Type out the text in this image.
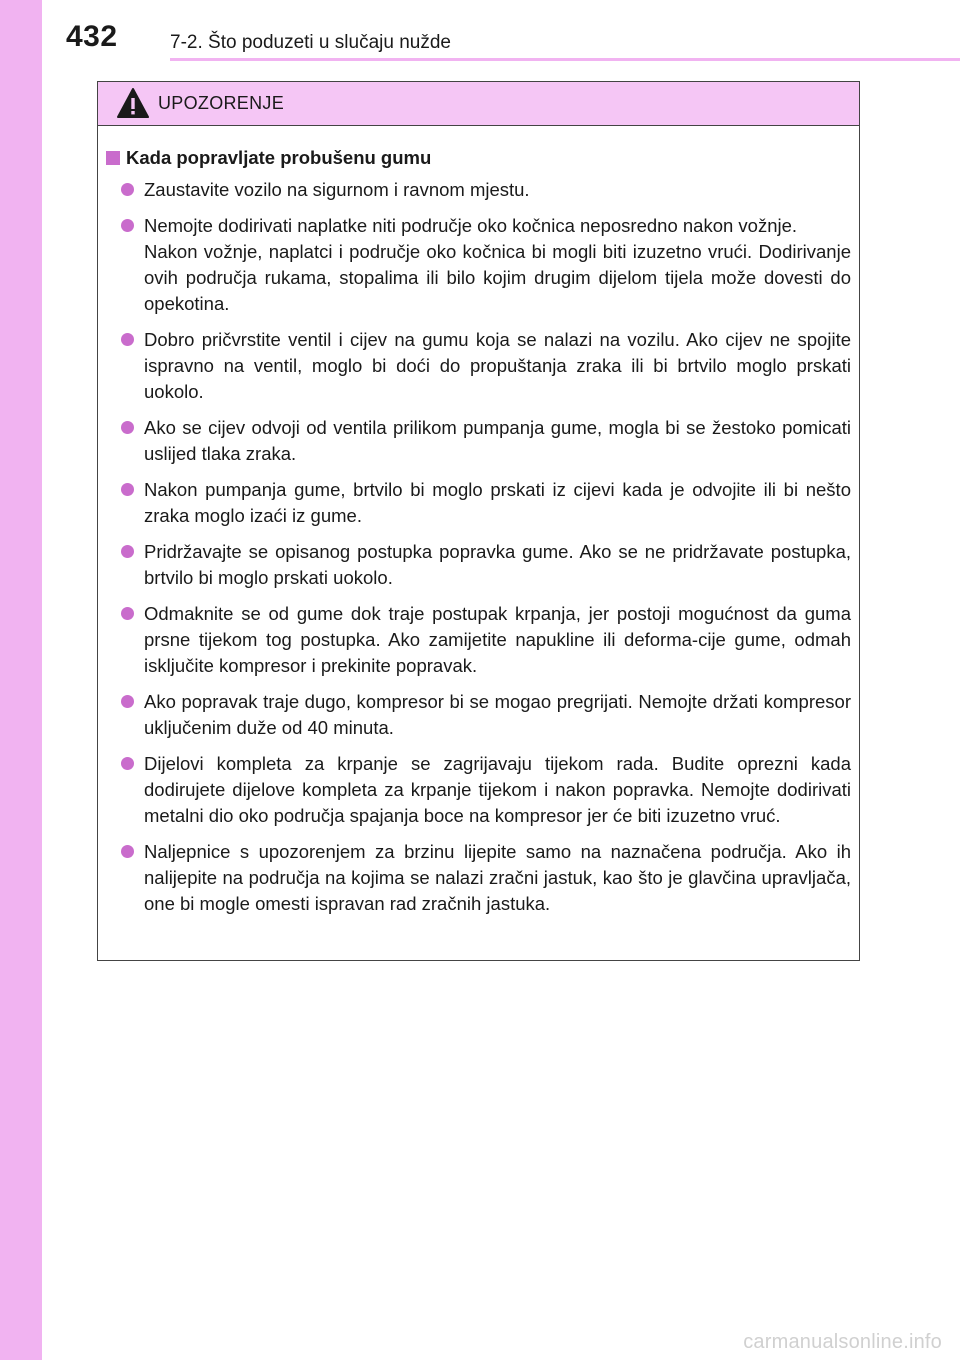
432	7-2. Što poduzeti u slučaju nužde
UPOZORENJE
Kada popravljate probušenu gumu
Zaustavite vozilo na sigurnom i ravnom mjestu.
Nemojte dodirivati naplatke niti područje oko kočnica neposredno nakon vožnje.
Nakon vožnje, naplatci i područje oko kočnica bi mogli biti izuzetno vrući. Dodirivanje ovih područja rukama, stopalima ili bilo kojim drugim dijelom tijela može dovesti do opekotina.
Dobro pričvrstite ventil i cijev na gumu koja se nalazi na vozilu. Ako cijev ne spojite ispravno na ventil, moglo bi doći do propuštanja zraka ili bi brtvilo moglo prskati uokolo.
Ako se cijev odvoji od ventila prilikom pumpanja gume, mogla bi se žestoko pomicati uslijed tlaka zraka.
Nakon pumpanja gume, brtvilo bi moglo prskati iz cijevi kada je odvojite ili bi nešto zraka moglo izaći iz gume.
Pridržavajte se opisanog postupka popravka gume. Ako se ne pridržavate postupka, brtvilo bi moglo prskati uokolo.
Odmaknite se od gume dok traje postupak krpanja, jer postoji mogućnost da guma prsne tijekom tog postupka. Ako zamijetite napukline ili deforma-cije gume, odmah isključite kompresor i prekinite popravak.
Ako popravak traje dugo, kompresor bi se mogao pregrijati. Nemojte držati kompresor uključenim duže od 40 minuta.
Dijelovi kompleta za krpanje se zagrijavaju tijekom rada. Budite oprezni kada dodirujete dijelove kompleta za krpanje tijekom i nakon popravka. Nemojte dodirivati metalni dio oko područja spajanja boce na kompresor jer će biti izuzetno vruć.
Naljepnice s upozorenjem za brzinu lijepite samo na naznačena područja. Ako ih nalijepite na područja na kojima se nalazi zračni jastuk, kao što je glavčina upravljača, one bi mogle omesti ispravan rad zračnih jastuka.
carmanualsonline.info
